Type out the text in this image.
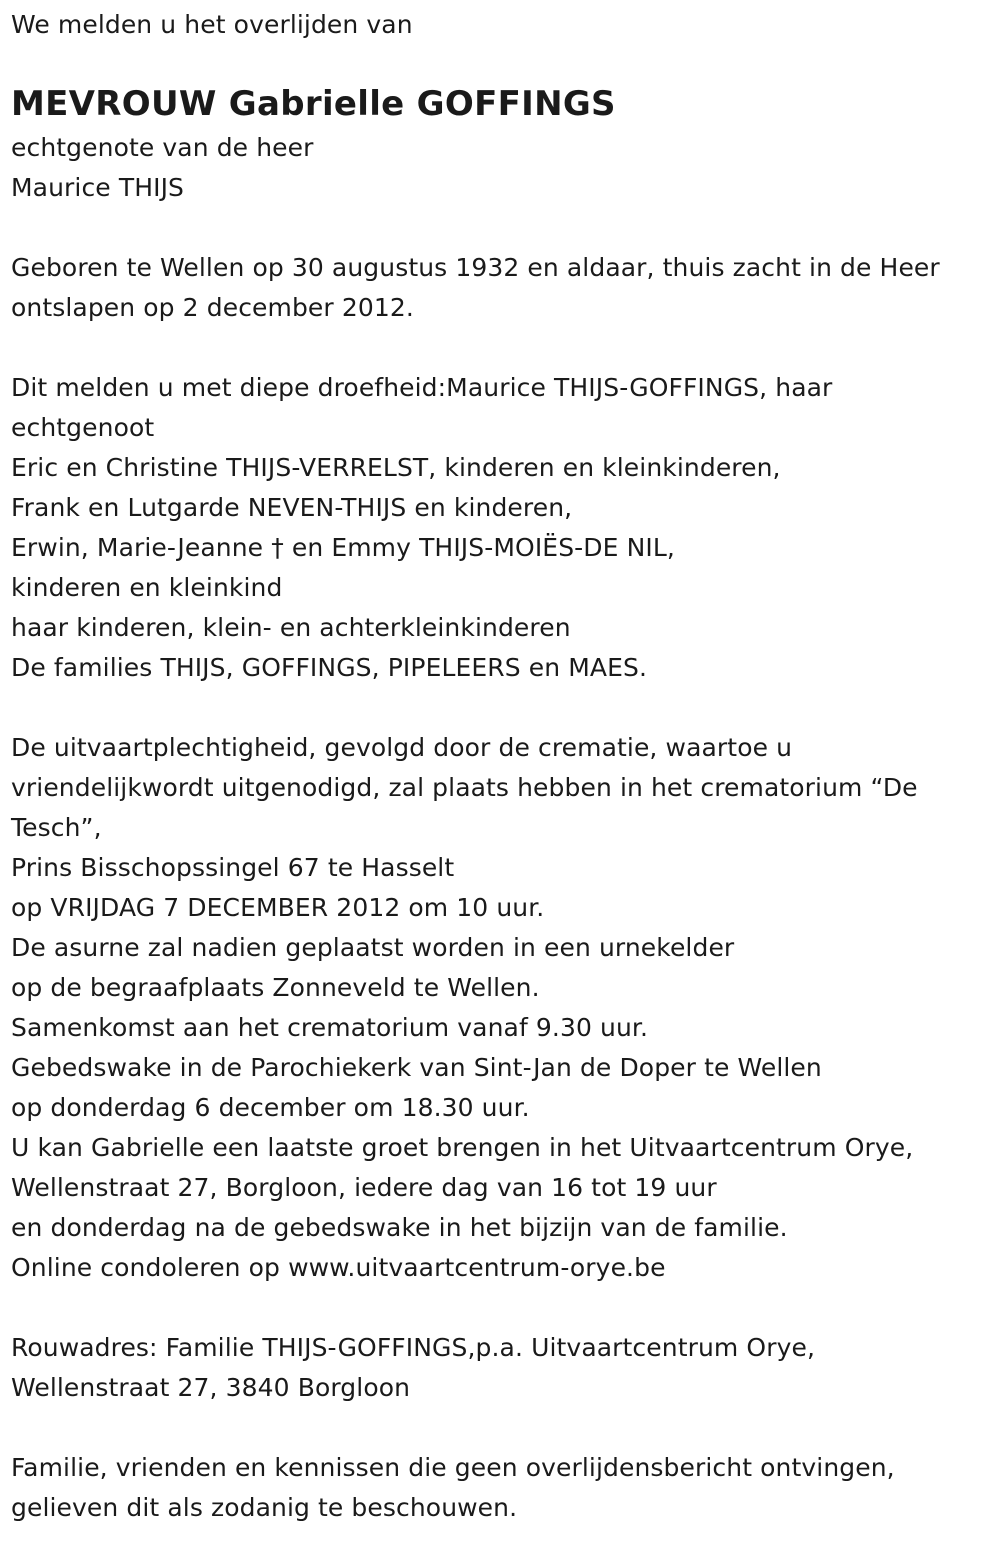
We melden u het overlijden van
MEVROUW Gabrielle GOFFINGS
echtgenote van de heer
Maurice THIJS
Geboren te Wellen op 30 augustus 1932 en aldaar, thuis zacht in de Heer
ontslapen op 2 december 2012.
Dit melden u met diepe droefheid:Maurice THIJS-GOFFINGS, haar
echtgenoot
Eric en Christine THIJS-VERRELST, kinderen en kleinkinderen,
Frank en Lutgarde NEVEN-THIJS en kinderen,
Erwin, Marie-Jeanne † en Emmy THIJS-MOIËS-DE NIL,
kinderen en kleinkind
haar kinderen, klein- en achterkleinkinderen
De families THIJS, GOFFINGS, PIPELEERS en MAES.
De uitvaartplechtigheid, gevolgd door de crematie, waartoe u
vriendelijkwordt uitgenodigd, zal plaats hebben in het crematorium “De
Tesch”,
Prins Bisschopssingel 67 te Hasselt
op VRIJDAG 7 DECEMBER 2012 om 10 uur.
De asurne zal nadien geplaatst worden in een urnekelder
op de begraafplaats Zonneveld te Wellen.
Samenkomst aan het crematorium vanaf 9.30 uur.
Gebedswake in de Parochiekerk van Sint-Jan de Doper te Wellen
op donderdag 6 december om 18.30 uur.
U kan Gabrielle een laatste groet brengen in het Uitvaartcentrum Orye,
Wellenstraat 27, Borgloon, iedere dag van 16 tot 19 uur
en donderdag na de gebedswake in het bijzijn van de familie.
Online condoleren op www.uitvaartcentrum-orye.be
Rouwadres: Familie THIJS-GOFFINGS,p.a. Uitvaartcentrum Orye,
Wellenstraat 27, 3840 Borgloon
Familie, vrienden en kennissen die geen overlijdensbericht ontvingen,
gelieven dit als zodanig te beschouwen.
